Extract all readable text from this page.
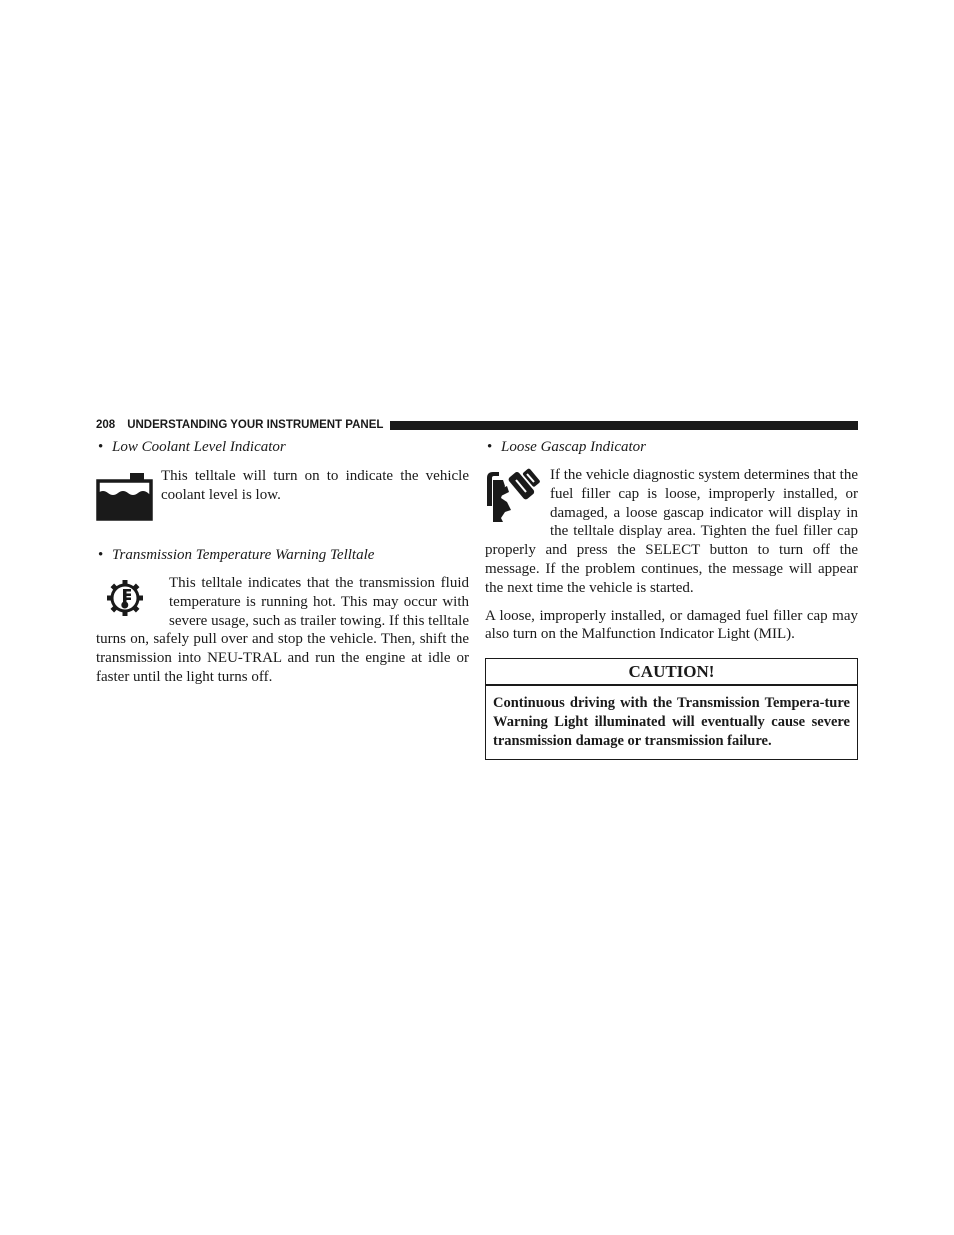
208 UNDERSTANDING YOUR INSTRUMENT PANEL

• Low Coolant Level Indicator

This telltale will turn on to indicate the vehicle coolant level is low.

• Transmission Temperature Warning Telltale

This telltale indicates that the transmission fluid temperature is running hot. This may occur with severe usage, such as trailer towing. If this telltale turns on, safely pull over and stop the vehicle. Then, shift the transmission into NEU-TRAL and run the engine at idle or faster until the light turns off.

• Loose Gascap Indicator

If the vehicle diagnostic system determines that the fuel filler cap is loose, improperly installed, or damaged, a loose gascap indicator will display in the telltale display area. Tighten the fuel filler cap properly and press the SELECT button to turn off the message. If the problem continues, the message will appear the next time the vehicle is started.

A loose, improperly installed, or damaged fuel filler cap may also turn on the Malfunction Indicator Light (MIL).

CAUTION!

Continuous driving with the Transmission Tempera-ture Warning Light illuminated will eventually cause severe transmission damage or transmission failure.
